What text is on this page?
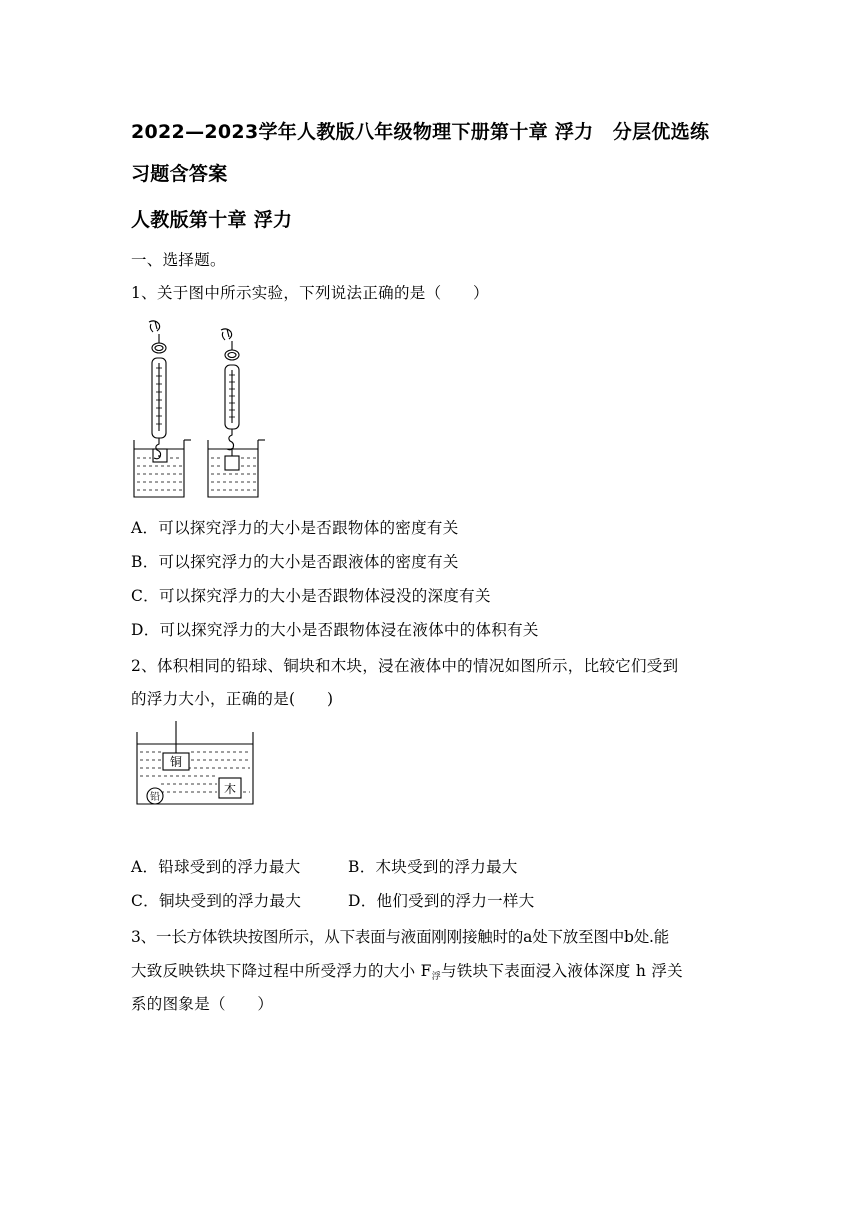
2022—2023学年人教版八年级物理下册第十章 浮力　分层优选练
习题含答案
人教版第十章 浮力
一、选择题。
1、关于图中所示实验，下列说法正确的是（　　）
A．可以探究浮力的大小是否跟物体的密度有关
B．可以探究浮力的大小是否跟液体的密度有关
C．可以探究浮力的大小是否跟物体浸没的深度有关
D．可以探究浮力的大小是否跟物体浸在液体中的体积有关
2、体积相同的铅球、铜块和木块，浸在液体中的情况如图所示，比较它们受到
的浮力大小，正确的是(　　)
铜
木
铅
A．铅球受到的浮力最大	B．木块受到的浮力最大
C．铜块受到的浮力最大	D．他们受到的浮力一样大
3、一长方体铁块按图所示，从下表面与液面刚刚接触时的a处下放至图中b处.能
大致反映铁块下降过程中所受浮力的大小 $F_浮$与铁块下表面浸入液体深度 h 浮关
系的图象是（　　）
